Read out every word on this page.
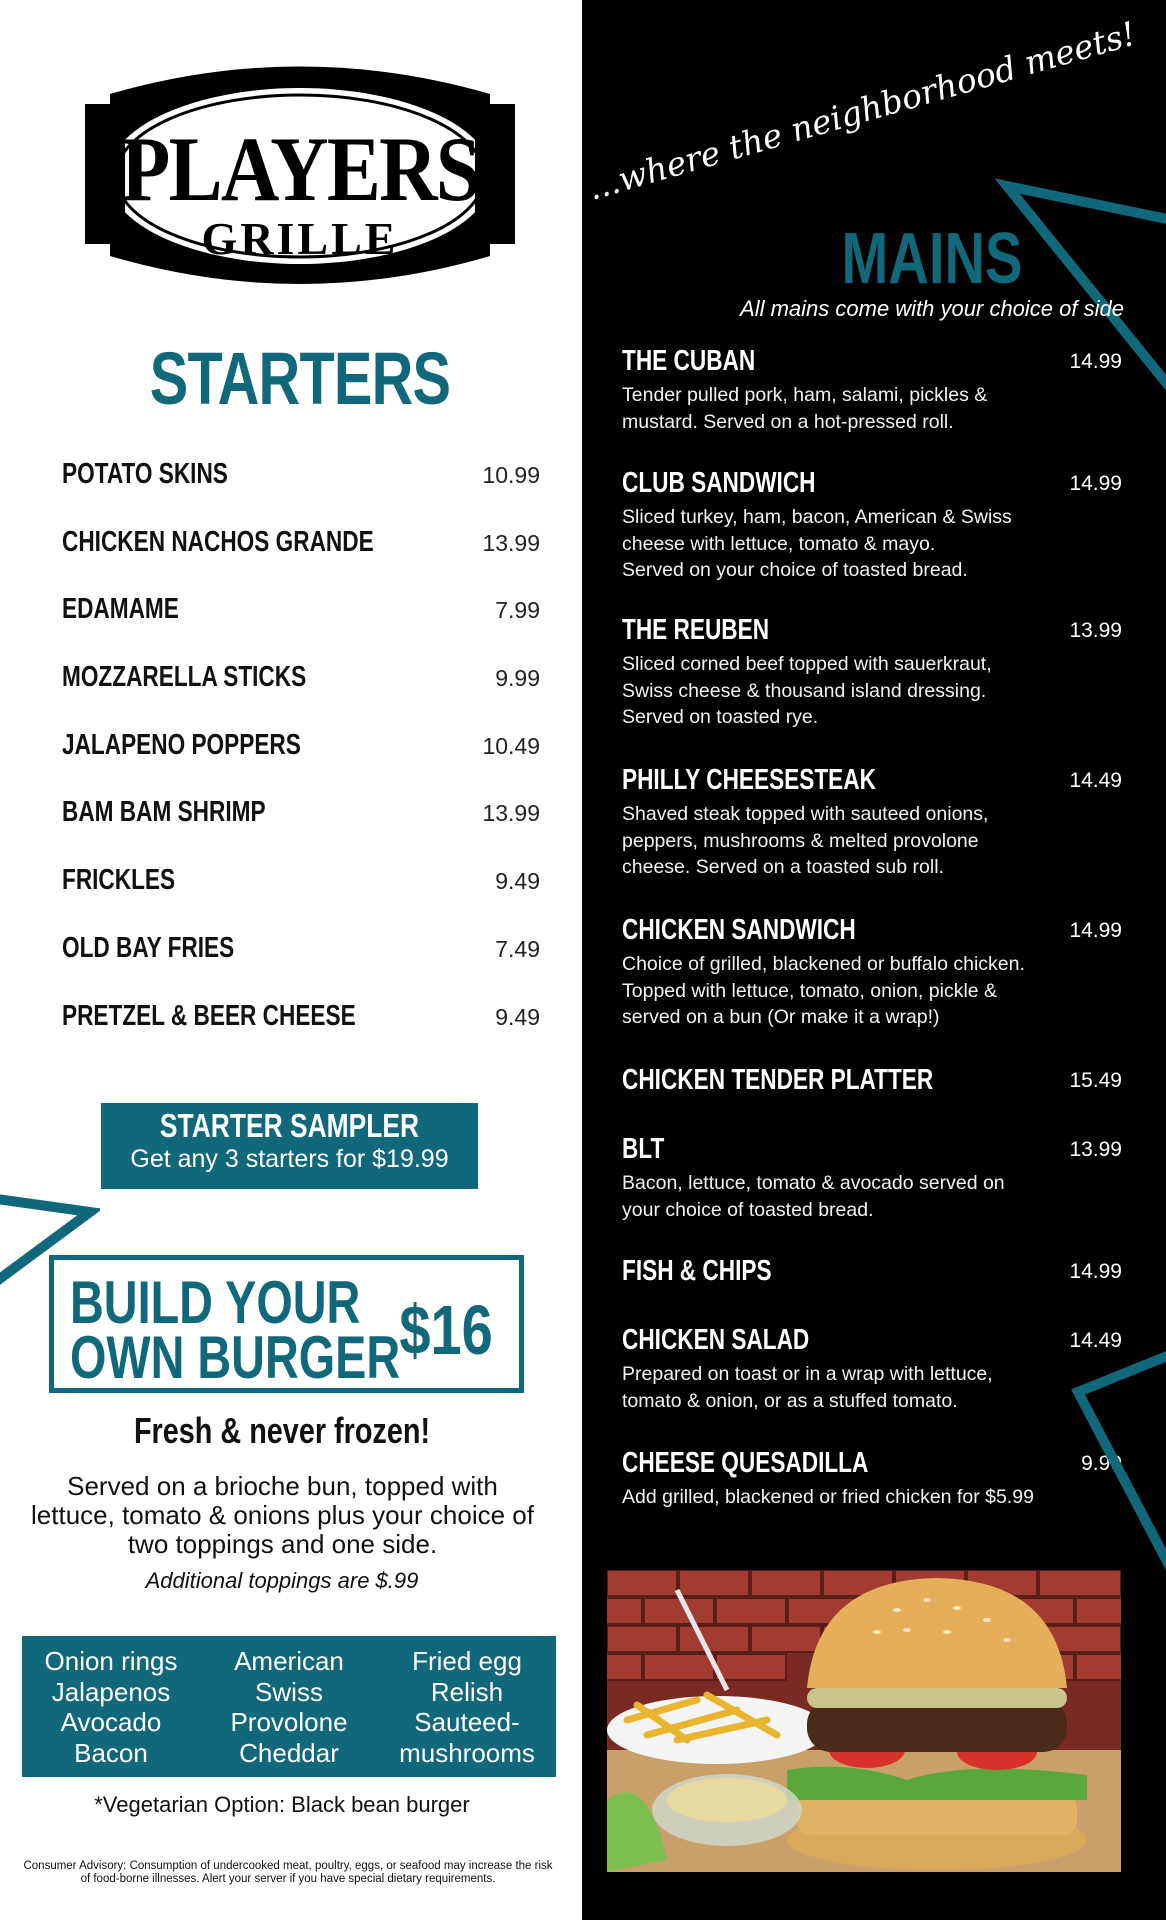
PLAYERS
GRILLE
STARTERS
POTATO SKINS	10.99
CHICKEN NACHOS GRANDE	13.99
EDAMAME	7.99
MOZZARELLA STICKS	9.99
JALAPENO POPPERS	10.49
BAM BAM SHRIMP	13.99
FRICKLES	9.49
OLD BAY FRIES	7.49
PRETZEL & BEER CHEESE	9.49
STARTER SAMPLER
Get any 3 starters for $19.99
BUILD YOUR
OWN BURGER $16
Fresh & never frozen!
Served on a brioche bun, topped with lettuce, tomato & onions plus your choice of two toppings and one side.
Additional toppings are $.99
Onion rings
Jalapenos
Avocado
Bacon
American
Swiss
Provolone
Cheddar
Fried egg
Relish
Sauteed-
mushrooms
*Vegetarian Option: Black bean burger
Consumer Advisory: Consumption of undercooked meat, poultry, eggs, or seafood may increase the risk of food-borne illnesses. Alert your server if you have special dietary requirements.
...where the neighborhood meets!
MAINS
All mains come with your choice of side
THE CUBAN	14.99
Tender pulled pork, ham, salami, pickles &
mustard. Served on a hot-pressed roll.
CLUB SANDWICH	14.99
Sliced turkey, ham, bacon, American & Swiss
cheese with lettuce, tomato & mayo.
Served on your choice of toasted bread.
THE REUBEN	13.99
Sliced corned beef topped with sauerkraut,
Swiss cheese & thousand island dressing.
Served on toasted rye.
PHILLY CHEESESTEAK	14.49
Shaved steak topped with sauteed onions,
peppers, mushrooms & melted provolone
cheese. Served on a toasted sub roll.
CHICKEN SANDWICH	14.99
Choice of grilled, blackened or buffalo chicken.
Topped with lettuce, tomato, onion, pickle &
served on a bun (Or make it a wrap!)
CHICKEN TENDER PLATTER	15.49
BLT	13.99
Bacon, lettuce, tomato & avocado served on
your choice of toasted bread.
FISH & CHIPS	14.99
CHICKEN SALAD	14.49
Prepared on toast or in a wrap with lettuce,
tomato & onion, or as a stuffed tomato.
CHEESE QUESADILLA	9.99
Add grilled, blackened or fried chicken for $5.99
